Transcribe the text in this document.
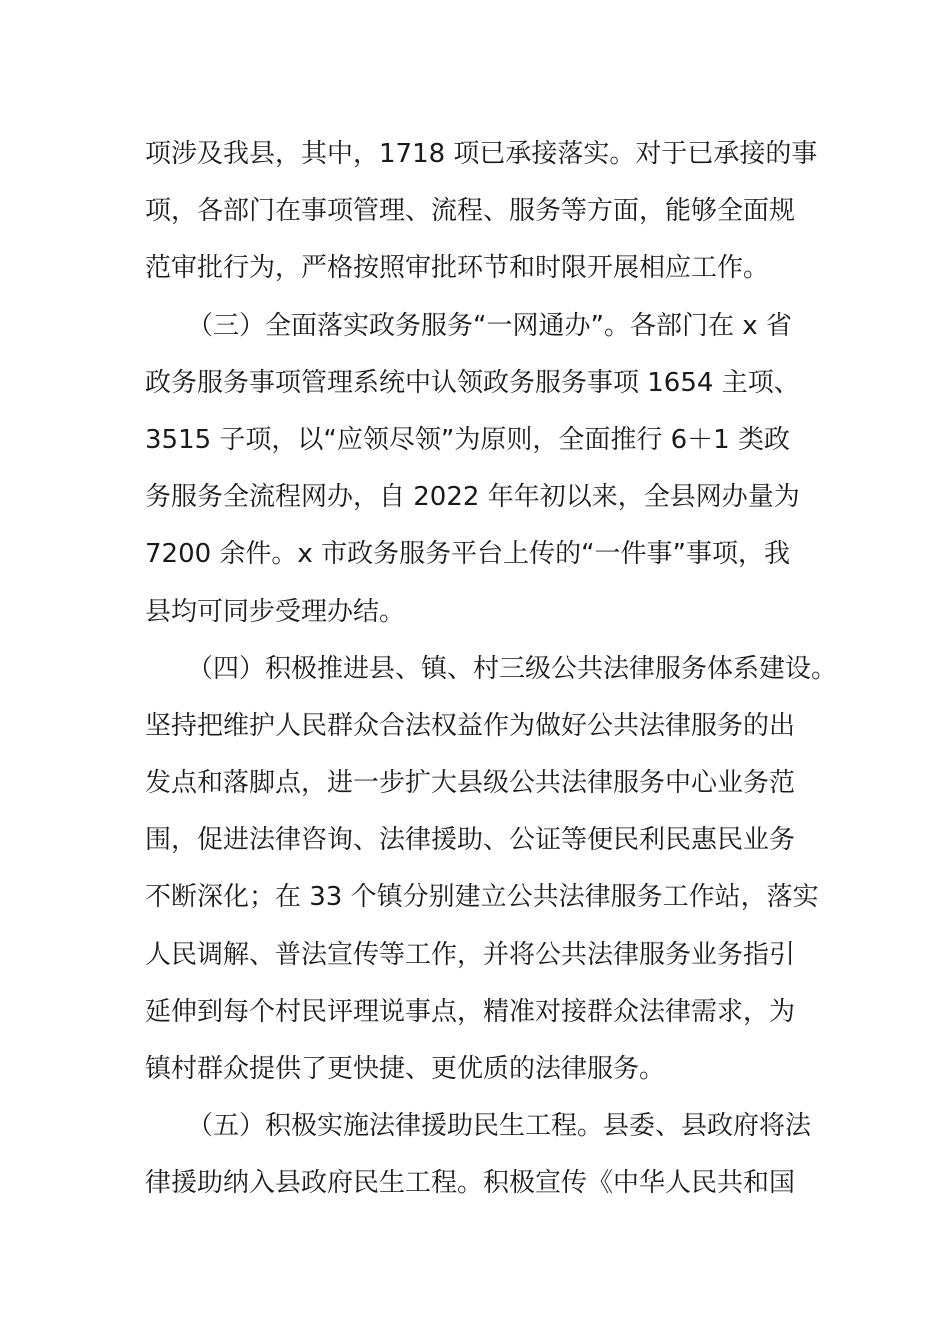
项涉及我县，其中，1718 项已承接落实。对于已承接的事
项，各部门在事项管理、流程、服务等方面，能够全面规
范审批行为，严格按照审批环节和时限开展相应工作。
（三）全面落实政务服务“一网通办”。各部门在 x 省
政务服务事项管理系统中认领政务服务事项 1654 主项、
3515 子项，以“应领尽领”为原则，全面推行 6＋1 类政
务服务全流程网办，自 2022 年年初以来，全县网办量为
7200 余件。x 市政务服务平台上传的“一件事”事项，我
县均可同步受理办结。
（四）积极推进县、镇、村三级公共法律服务体系建设。
坚持把维护人民群众合法权益作为做好公共法律服务的出
发点和落脚点，进一步扩大县级公共法律服务中心业务范
围，促进法律咨询、法律援助、公证等便民利民惠民业务
不断深化；在 33 个镇分别建立公共法律服务工作站，落实
人民调解、普法宣传等工作，并将公共法律服务业务指引
延伸到每个村民评理说事点，精准对接群众法律需求，为
镇村群众提供了更快捷、更优质的法律服务。
（五）积极实施法律援助民生工程。县委、县政府将法
律援助纳入县政府民生工程。积极宣传《中华人民共和国
